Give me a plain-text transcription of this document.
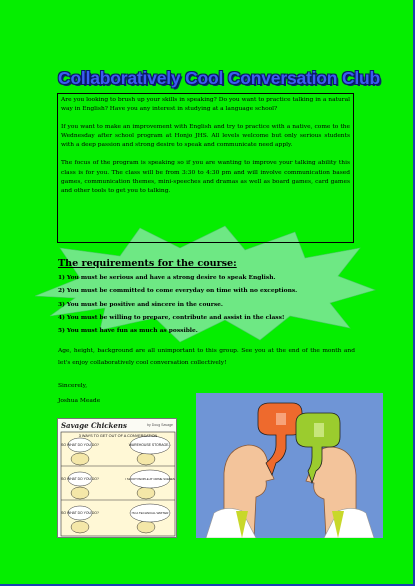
Collaboratively Cool Conversation Club

Are you looking to brush up your skills in speaking? Do you want to practice talking in a natural way in English? Have you any interest in studying at a language school?

If you want to make an improvement with English and try to practice with a native, come to the Wednesday after school program at Honjo JHS. All levels welcome but only serious students with a deep passion and strong desire to speak and communicate need apply.

The focus of the program is speaking so if you are wanting to improve your talking ability this class is for you. The class will be from 3:30 to 4:30 pm and will involve communication based games, communication themes, mini-speeches and dramas as well as board games, card games and other tools to get you to talking.

The requirements for the course:
1) You must be serious and have a strong desire to speak English.
2) You must be committed to come everyday on time with no exceptions.
3) You must be positive and sincere in the course.
4) You must be willing to prepare, contribute and assist in the class!
5) You must have fun as much as possible.

Age, height, background are all unimportant to this group. See you at the end of the month and let's enjoy collaboratively cool conversation collectively!

Sincerely,
Joshua Meade
3 WAYS TO GET OUT OF A CONVERSATION
SO WHAT DO YOU DO?	WAREHOUSE STORAGE...
SO WHAT DO YOU DO?	I SHOOT PEOPLE AT CRIME SCENES
SO WHAT DO YOU DO?	I'M A TECHNICAL WRITER
Savage Chickens	by Doug Savage
